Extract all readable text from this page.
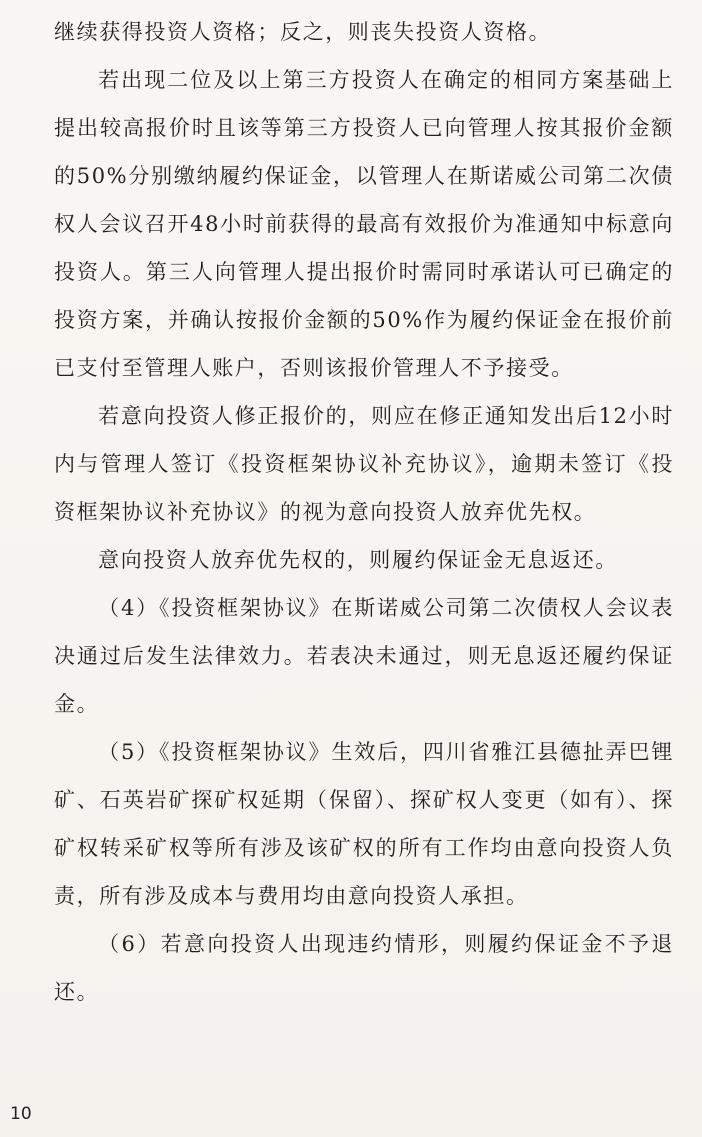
继续获得投资人资格；反之，则丧失投资人资格。

若出现二位及以上第三方投资人在确定的相同方案基础上提出较高报价时且该等第三方投资人已向管理人按其报价金额的50%分别缴纳履约保证金，以管理人在斯诺威公司第二次债权人会议召开48小时前获得的最高有效报价为准通知中标意向投资人。第三人向管理人提出报价时需同时承诺认可已确定的投资方案，并确认按报价金额的50%作为履约保证金在报价前已支付至管理人账户，否则该报价管理人不予接受。

若意向投资人修正报价的，则应在修正通知发出后12小时内与管理人签订《投资框架协议补充协议》，逾期未签订《投资框架协议补充协议》的视为意向投资人放弃优先权。

意向投资人放弃优先权的，则履约保证金无息返还。

（4）《投资框架协议》在斯诺威公司第二次债权人会议表决通过后发生法律效力。若表决未通过，则无息返还履约保证金。

（5）《投资框架协议》生效后，四川省雅江县德扯弄巴锂矿、石英岩矿探矿权延期（保留）、探矿权人变更（如有）、探矿权转采矿权等所有涉及该矿权的所有工作均由意向投资人负责，所有涉及成本与费用均由意向投资人承担。

（6）若意向投资人出现违约情形，则履约保证金不予退还。

10
